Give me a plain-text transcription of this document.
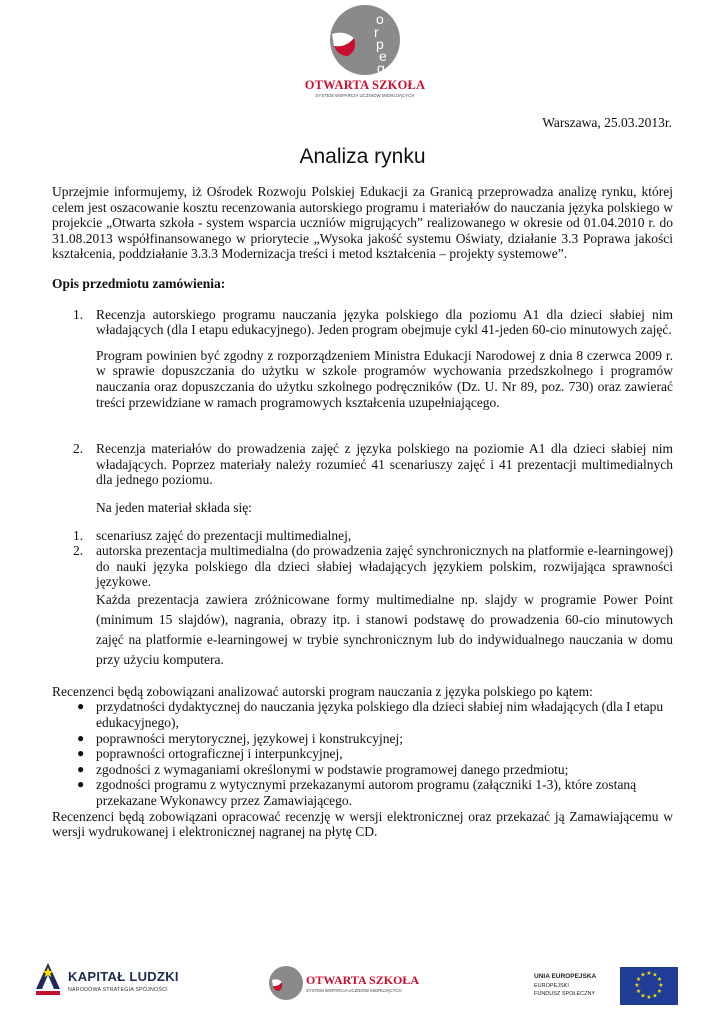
o
r
p
e
g
OTWARTA SZKOŁA
SYSTEM WSPARCIA UCZNIÓW MIGRUJĄCYCH
Warszawa, 25.03.2013r.
Analiza rynku

Uprzejmie informujemy, iż Ośrodek Rozwoju Polskiej Edukacji za Granicą przeprowadza analizę rynku, której celem jest oszacowanie kosztu recenzowania autorskiego programu i materiałów do nauczania języka polskiego w projekcie „Otwarta szkoła - system wsparcia uczniów migrujących” realizowanego w okresie od 01.04.2010 r. do 31.08.2013 współfinansowanego w priorytecie „Wysoka jakość systemu Oświaty, działanie 3.3 Poprawa jakości kształcenia, poddziałanie 3.3.3 Modernizacja treści i metod kształcenia – projekty systemowe”.

Opis przedmiotu zamówienia:

1. Recenzja autorskiego programu nauczania języka polskiego dla poziomu A1 dla dzieci słabiej nim władających (dla I etapu edukacyjnego). Jeden program obejmuje cykl 41-jeden 60-cio minutowych zajęć.

Program powinien być zgodny z rozporządzeniem Ministra Edukacji Narodowej z dnia 8 czerwca 2009 r. w sprawie dopuszczania do użytku w szkole programów wychowania przedszkolnego i programów nauczania oraz dopuszczania do użytku szkolnego podręczników (Dz. U. Nr 89, poz. 730) oraz zawierać treści przewidziane w ramach programowych kształcenia uzupełniającego.

2. Recenzja materiałów do prowadzenia zajęć z języka polskiego na poziomie A1 dla dzieci słabiej nim władających. Poprzez materiały należy rozumieć 41 scenariuszy zajęć i 41 prezentacji multimedialnych dla jednego poziomu.

Na jeden materiał składa się:

1. scenariusz zajęć do prezentacji multimedialnej,

2. autorska prezentacja multimedialna (do prowadzenia zajęć synchronicznych na platformie e-learningowej) do nauki języka polskiego dla dzieci słabiej władających językiem polskim, rozwijająca sprawności językowe.

Każda prezentacja zawiera zróżnicowane formy multimedialne np. slajdy w programie Power Point (minimum 15 slajdów), nagrania, obrazy itp. i stanowi podstawę do prowadzenia 60-cio minutowych zajęć na platformie e-learningowej w trybie synchronicznym lub do indywidualnego nauczania w domu przy użyciu komputera.

Recenzenci będą zobowiązani analizować autorski program nauczania z języka polskiego po kątem:

● przydatności dydaktycznej do nauczania języka polskiego dla dzieci słabiej nim władających (dla I etapu edukacyjnego),
● poprawności merytorycznej, językowej i konstrukcyjnej;
● poprawności ortograficznej i interpunkcyjnej,
● zgodności z wymaganiami określonymi w podstawie programowej danego przedmiotu;
● zgodności programu z wytycznymi przekazanymi autorom programu (załączniki 1-3), które zostaną przekazane Wykonawcy przez Zamawiającego.

Recenzenci będą zobowiązani opracować recenzję w wersji elektronicznej oraz przekazać ją Zamawiającemu w wersji wydrukowanej i elektronicznej nagranej na płytę CD.

KAPITAŁ LUDZKI
NARODOWA STRATEGIA SPÓJNOŚCI
OTWARTA SZKOŁA
SYSTEM WSPARCIA UCZNIÓW MIGRUJĄCYCH
UNIA EUROPEJSKA
EUROPEJSKI
FUNDUSZ SPOŁECZNY
★ ★
★
★
★
★
★
★
★
★
★
★
